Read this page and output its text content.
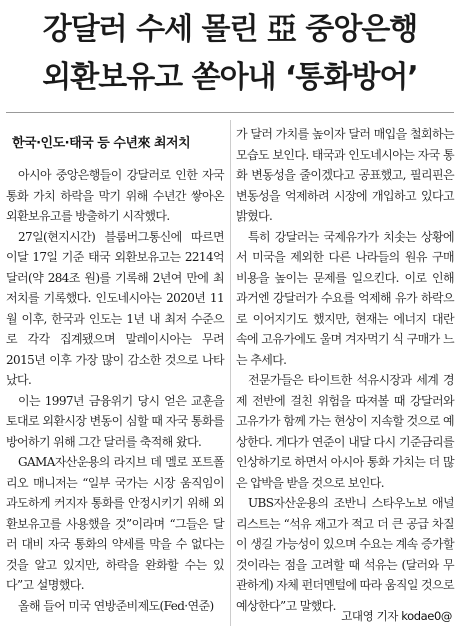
강달러 수세 몰린 亞 중앙은행
외환보유고 쏟아내 ‘통화방어’
한국·인도·태국 등 수년來 최저치

아시아 중앙은행들이 강달러로 인한 자국 통화 가치 하락을 막기 위해 수년간 쌓아온 외환보유고를 방출하기 시작했다.

27일(현지시간) 블룸버그통신에 따르면 이달 17일 기준 태국 외환보유고는 2214억 달러(약 284조 원)를 기록해 2년여 만에 최저치를 기록했다. 인도네시아는 2020년 11월 이후, 한국과 인도는 1년 내 최저 수준으로 각각 집계됐으며 말레이시아는 무려 2015년 이후 가장 많이 감소한 것으로 나타났다.

이는 1997년 금융위기 당시 얻은 교훈을 토대로 외환시장 변동이 심할 때 자국 통화를 방어하기 위해 그간 달러를 축적해 왔다.

GAMA자산운용의 라지브 데 멜로 포트폴리오 매니저는 “일부 국가는 시장 움직임이 과도하게 커지자 통화를 안정시키기 위해 외환보유고를 사용했을 것”이라며 “그들은 달러 대비 자국 통화의 약세를 막을 수 없다는 것을 알고 있지만, 하락을 완화할 수는 있다”고 설명했다.

올해 들어 미국 연방준비제도(Fed·연준)

가 달러 가치를 높이자 달러 매입을 철회하는 모습도 보인다. 태국과 인도네시아는 자국 통화 변동성을 줄이겠다고 공표했고, 필리핀은 변동성을 억제하려 시장에 개입하고 있다고 밝혔다.

특히 강달러는 국제유가가 치솟는 상황에서 미국을 제외한 다른 나라들의 원유 구매 비용을 높이는 문제를 일으킨다. 이로 인해 과거엔 강달러가 수요를 억제해 유가 하락으로 이어지기도 했지만, 현재는 에너지 대란 속에 고유가에도 울며 겨자먹기 식 구매가 느는 추세다.

전문가들은 타이트한 석유시장과 세계 경제 전반에 걸친 위험을 따져볼 때 강달러와 고유가가 함께 가는 현상이 지속할 것으로 예상한다. 게다가 연준이 내달 다시 기준금리를 인상하기로 하면서 아시아 통화 가치는 더 많은 압박을 받을 것으로 보인다.

UBS자산운용의 조반니 스타우노보 애널리스트는 “석유 재고가 적고 더 큰 공급 차질이 생길 가능성이 있으며 수요는 계속 증가할 것이라는 점을 고려할 때 석유는 (달러와 무관하게) 자체 펀더멘털에 따라 움직일 것으로 예상한다”고 말했다.

고대영 기자 kodae0@
